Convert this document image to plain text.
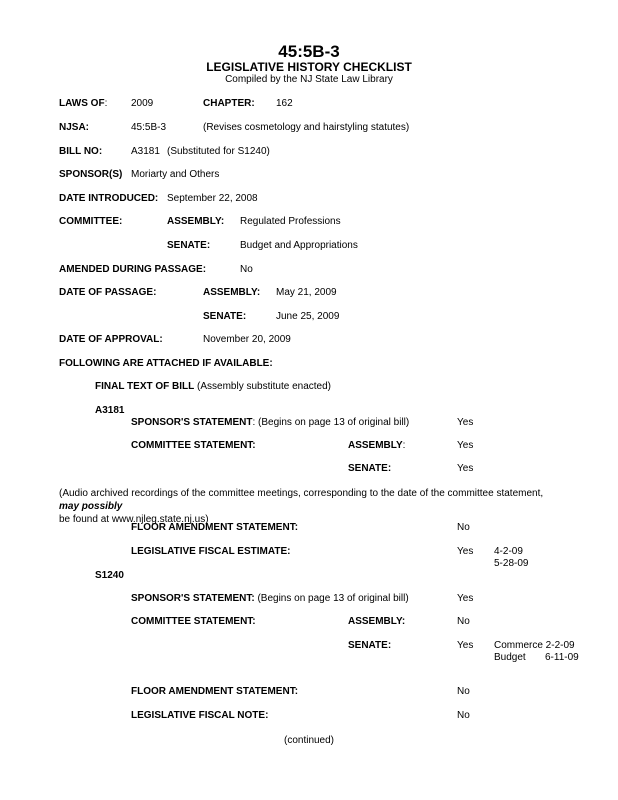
45:5B-3
LEGISLATIVE HISTORY CHECKLIST
Compiled by the NJ State Law Library
LAWS OF: 2009	CHAPTER: 162
NJSA:	45:5B-3	(Revises cosmetology and hairstyling statutes)
BILL NO:	A3181 (Substituted for S1240)
SPONSOR(S) Moriarty and Others
DATE INTRODUCED: September 22, 2008
COMMITTEE:	ASSEMBLY: Regulated Professions
SENATE:	Budget and Appropriations
AMENDED DURING PASSAGE:	No
DATE OF PASSAGE:	ASSEMBLY: May 21, 2009
SENATE:	June 25, 2009
DATE OF APPROVAL:	November 20, 2009
FOLLOWING ARE ATTACHED IF AVAILABLE:
FINAL TEXT OF BILL (Assembly substitute enacted)
A3181
SPONSOR'S STATEMENT: (Begins on page 13 of original bill)	Yes
COMMITTEE STATEMENT:	ASSEMBLY:	Yes
SENATE:	Yes
(Audio archived recordings of the committee meetings, corresponding to the date of the committee statement, may possibly
be found at www.njleg.state.nj.us)
FLOOR AMENDMENT STATEMENT:	No
LEGISLATIVE FISCAL ESTIMATE:	Yes 4-2-09
5-28-09
S1240
SPONSOR'S STATEMENT: (Begins on page 13 of original bill)	Yes
COMMITTEE STATEMENT:	ASSEMBLY:	No
SENATE:	Yes Commerce 2-2-09
Budget 6-11-09
FLOOR AMENDMENT STATEMENT:	No
LEGISLATIVE FISCAL NOTE:	No
(continued)
